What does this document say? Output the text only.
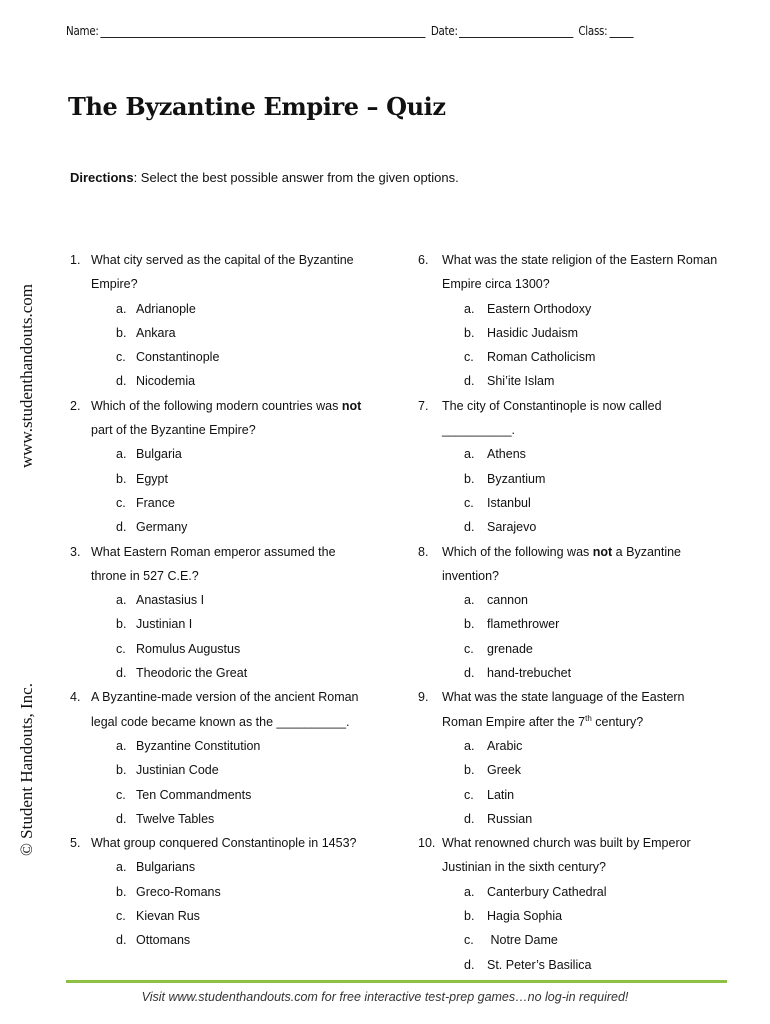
Name:	Date:	Class:
The Byzantine Empire – Quiz
Directions: Select the best possible answer from the given options.
www.studenthandouts.com
© Student Handouts, Inc.
1. What city served as the capital of the Byzantine
Empire?
a. Adrianople
b. Ankara
c. Constantinople
d. Nicodemia
2. Which of the following modern countries was not
part of the Byzantine Empire?
a. Bulgaria
b. Egypt
c. France
d. Germany
3. What Eastern Roman emperor assumed the
throne in 527 C.E.?
a. Anastasius I
b. Justinian I
c. Romulus Augustus
d. Theodoric the Great
4. A Byzantine-made version of the ancient Roman
legal code became known as the __________.
a. Byzantine Constitution
b. Justinian Code
c. Ten Commandments
d. Twelve Tables
5. What group conquered Constantinople in 1453?
a. Bulgarians
b. Greco-Romans
c. Kievan Rus
d. Ottomans
6. What was the state religion of the Eastern Roman
Empire circa 1300?
a. Eastern Orthodoxy
b. Hasidic Judaism
c. Roman Catholicism
d. Shi’ite Islam
7. The city of Constantinople is now called
__________.
a. Athens
b. Byzantium
c. Istanbul
d. Sarajevo
8. Which of the following was not a Byzantine
invention?
a. cannon
b. flamethrower
c. grenade
d. hand-trebuchet
9. What was the state language of the Eastern
Roman Empire after the 7th century?
a. Arabic
b. Greek
c. Latin
d. Russian
10. What renowned church was built by Emperor
Justinian in the sixth century?
a. Canterbury Cathedral
b. Hagia Sophia
c. Notre Dame
d. St. Peter’s Basilica
Visit www.studenthandouts.com for free interactive test-prep games…no log-in required!
